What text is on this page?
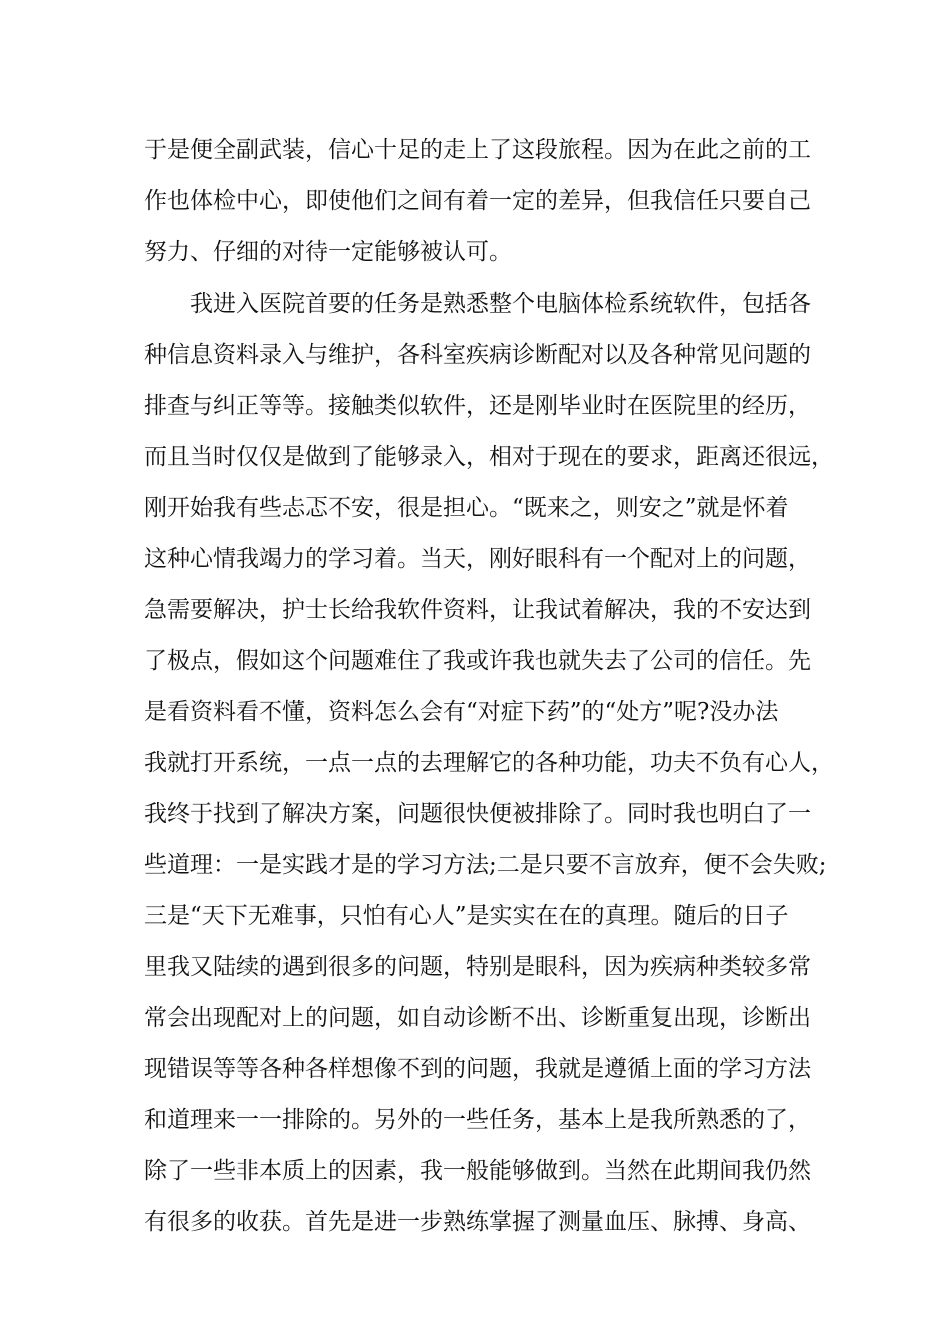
于是便全副武装，信心十足的走上了这段旅程。因为在此之前的工
作也体检中心，即使他们之间有着一定的差异，但我信任只要自己
努力、仔细的对待一定能够被认可。
　　我进入医院首要的任务是熟悉整个电脑体检系统软件，包括各
种信息资料录入与维护，各科室疾病诊断配对以及各种常见问题的
排查与纠正等等。接触类似软件，还是刚毕业时在医院里的经历，
而且当时仅仅是做到了能够录入，相对于现在的要求，距离还很远，
刚开始我有些忐忑不安，很是担心。“既来之，则安之”就是怀着
这种心情我竭力的学习着。当天，刚好眼科有一个配对上的问题，
急需要解决，护士长给我软件资料，让我试着解决，我的不安达到
了极点，假如这个问题难住了我或许我也就失去了公司的信任。先
是看资料看不懂，资料怎么会有“对症下药”的“处方”呢?没办法
我就打开系统，一点一点的去理解它的各种功能，功夫不负有心人，
我终于找到了解决方案，问题很快便被排除了。同时我也明白了一
些道理：一是实践才是的学习方法;二是只要不言放弃，便不会失败;
三是“天下无难事，只怕有心人”是实实在在的真理。随后的日子
里我又陆续的遇到很多的问题，特别是眼科，因为疾病种类较多常
常会出现配对上的问题，如自动诊断不出、诊断重复出现，诊断出
现错误等等各种各样想像不到的问题，我就是遵循上面的学习方法
和道理来一一排除的。另外的一些任务，基本上是我所熟悉的了，
除了一些非本质上的因素，我一般能够做到。当然在此期间我仍然
有很多的收获。首先是进一步熟练掌握了测量血压、脉搏、身高、
